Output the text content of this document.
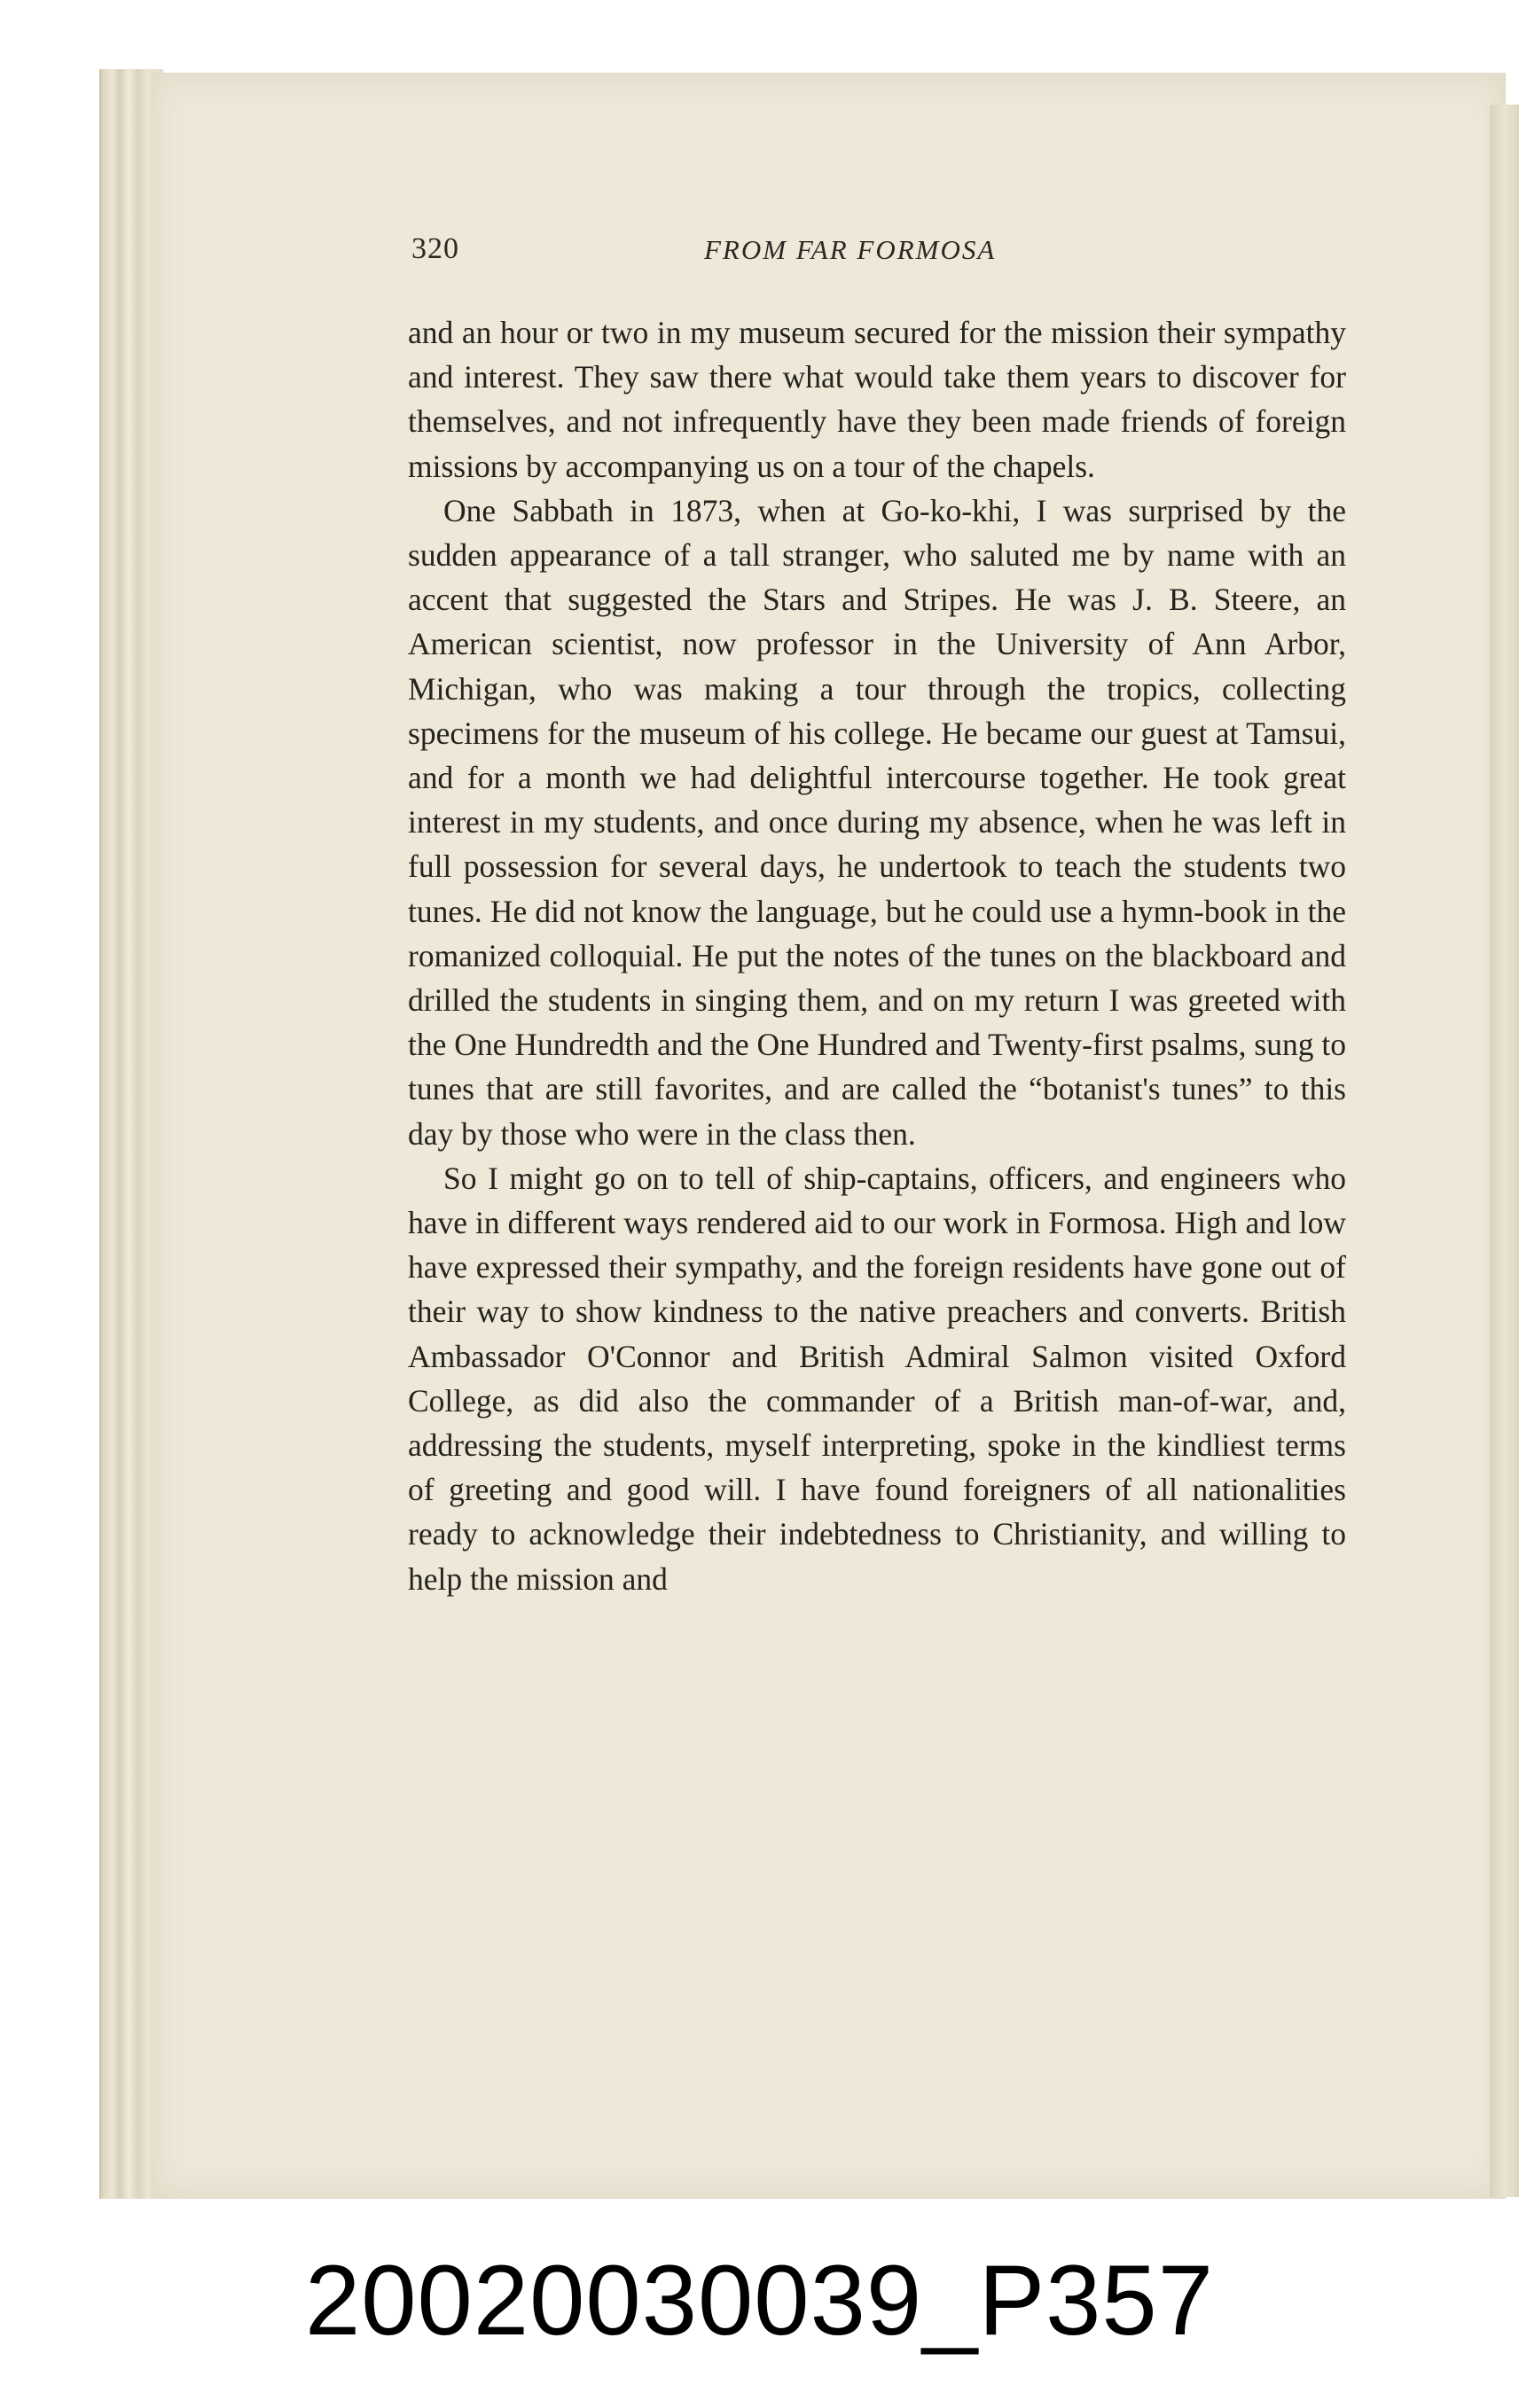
320	FROM FAR FORMOSA

and an hour or two in my museum secured for the mission their sympathy and interest. They saw there what would take them years to discover for themselves, and not infrequently have they been made friends of foreign missions by accompanying us on a tour of the chapels.

One Sabbath in 1873, when at Go-ko-khi, I was surprised by the sudden appearance of a tall stranger, who saluted me by name with an accent that suggested the Stars and Stripes. He was J. B. Steere, an American scientist, now professor in the University of Ann Arbor, Michigan, who was making a tour through the tropics, collecting specimens for the museum of his college. He became our guest at Tamsui, and for a month we had delightful intercourse together. He took great interest in my students, and once during my absence, when he was left in full possession for several days, he undertook to teach the students two tunes. He did not know the language, but he could use a hymn-book in the romanized colloquial. He put the notes of the tunes on the blackboard and drilled the students in singing them, and on my return I was greeted with the One Hundredth and the One Hundred and Twenty-first psalms, sung to tunes that are still favorites, and are called the “botanist's tunes” to this day by those who were in the class then.

So I might go on to tell of ship-captains, officers, and engineers who have in different ways rendered aid to our work in Formosa. High and low have expressed their sympathy, and the foreign residents have gone out of their way to show kindness to the native preachers and converts. British Ambassador O'Connor and British Admiral Salmon visited Oxford College, as did also the commander of a British man-of-war, and, addressing the students, myself interpreting, spoke in the kindliest terms of greeting and good will. I have found foreigners of all nationalities ready to acknowledge their indebtedness to Christianity, and willing to help the mission and

20020030039_P357
